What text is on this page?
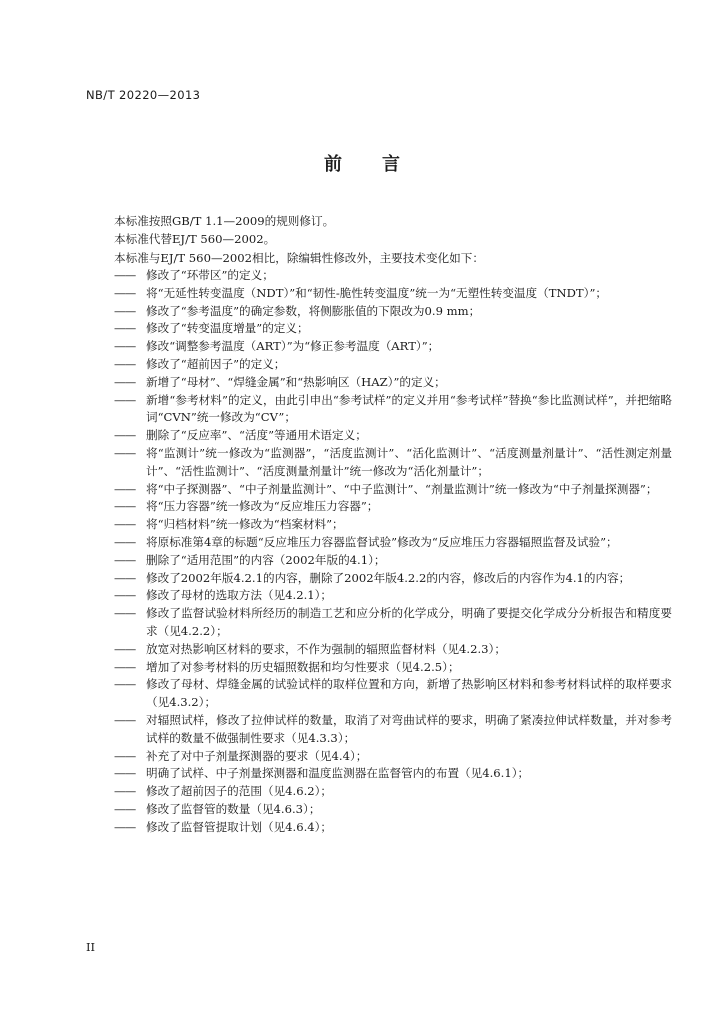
NB/T 20220—2013
前 言
本标准按照GB/T 1.1—2009的规则修订。
本标准代替EJ/T 560—2002。
本标准与EJ/T 560—2002相比，除编辑性修改外，主要技术变化如下：
—— 修改了“环带区”的定义；
—— 将“无延性转变温度（NDT）”和“韧性-脆性转变温度”统一为“无塑性转变温度（TNDT）”；
—— 修改了“参考温度”的确定参数，将侧膨胀值的下限改为0.9 mm；
—— 修改了“转变温度增量”的定义；
—— 修改“调整参考温度（ART）”为“修正参考温度（ART）”；
—— 修改了“超前因子”的定义；
—— 新增了“母材”、“焊缝金属”和“热影响区（HAZ）”的定义；
—— 新增“参考材料”的定义，由此引申出“参考试样”的定义并用“参考试样”替换“参比监测试样”，并把缩略词“CVN”统一修改为“CV”；
—— 删除了“反应率”、“活度”等通用术语定义；
—— 将“监测计”统一修改为“监测器”，“活度监测计”、“活化监测计”、“活度测量剂量计”、“活性测定剂量计”、“活性监测计”、“活度测量剂量计”统一修改为“活化剂量计”；
—— 将“中子探测器”、“中子剂量监测计”、“中子监测计”、“剂量监测计”统一修改为“中子剂量探测器”；
—— 将“压力容器”统一修改为“反应堆压力容器”；
—— 将“归档材料”统一修改为“档案材料”；
—— 将原标准第4章的标题“反应堆压力容器监督试验”修改为“反应堆压力容器辐照监督及试验”；
—— 删除了“适用范围”的内容（2002年版的4.1）；
—— 修改了2002年版4.2.1的内容，删除了2002年版4.2.2的内容，修改后的内容作为4.1的内容；
—— 修改了母材的选取方法（见4.2.1）；
—— 修改了监督试验材料所经历的制造工艺和应分析的化学成分，明确了要提交化学成分分析报告和精度要求（见4.2.2）；
—— 放宽对热影响区材料的要求，不作为强制的辐照监督材料（见4.2.3）；
—— 增加了对参考材料的历史辐照数据和均匀性要求（见4.2.5）；
—— 修改了母材、焊缝金属的试验试样的取样位置和方向，新增了热影响区材料和参考材料试样的取样要求（见4.3.2）；
—— 对辐照试样，修改了拉伸试样的数量，取消了对弯曲试样的要求，明确了紧凑拉伸试样数量，并对参考试样的数量不做强制性要求（见4.3.3）；
—— 补充了对中子剂量探测器的要求（见4.4）；
—— 明确了试样、中子剂量探测器和温度监测器在监督管内的布置（见4.6.1）；
—— 修改了超前因子的范围（见4.6.2）；
—— 修改了监督管的数量（见4.6.3）；
—— 修改了监督管提取计划（见4.6.4）；
II
